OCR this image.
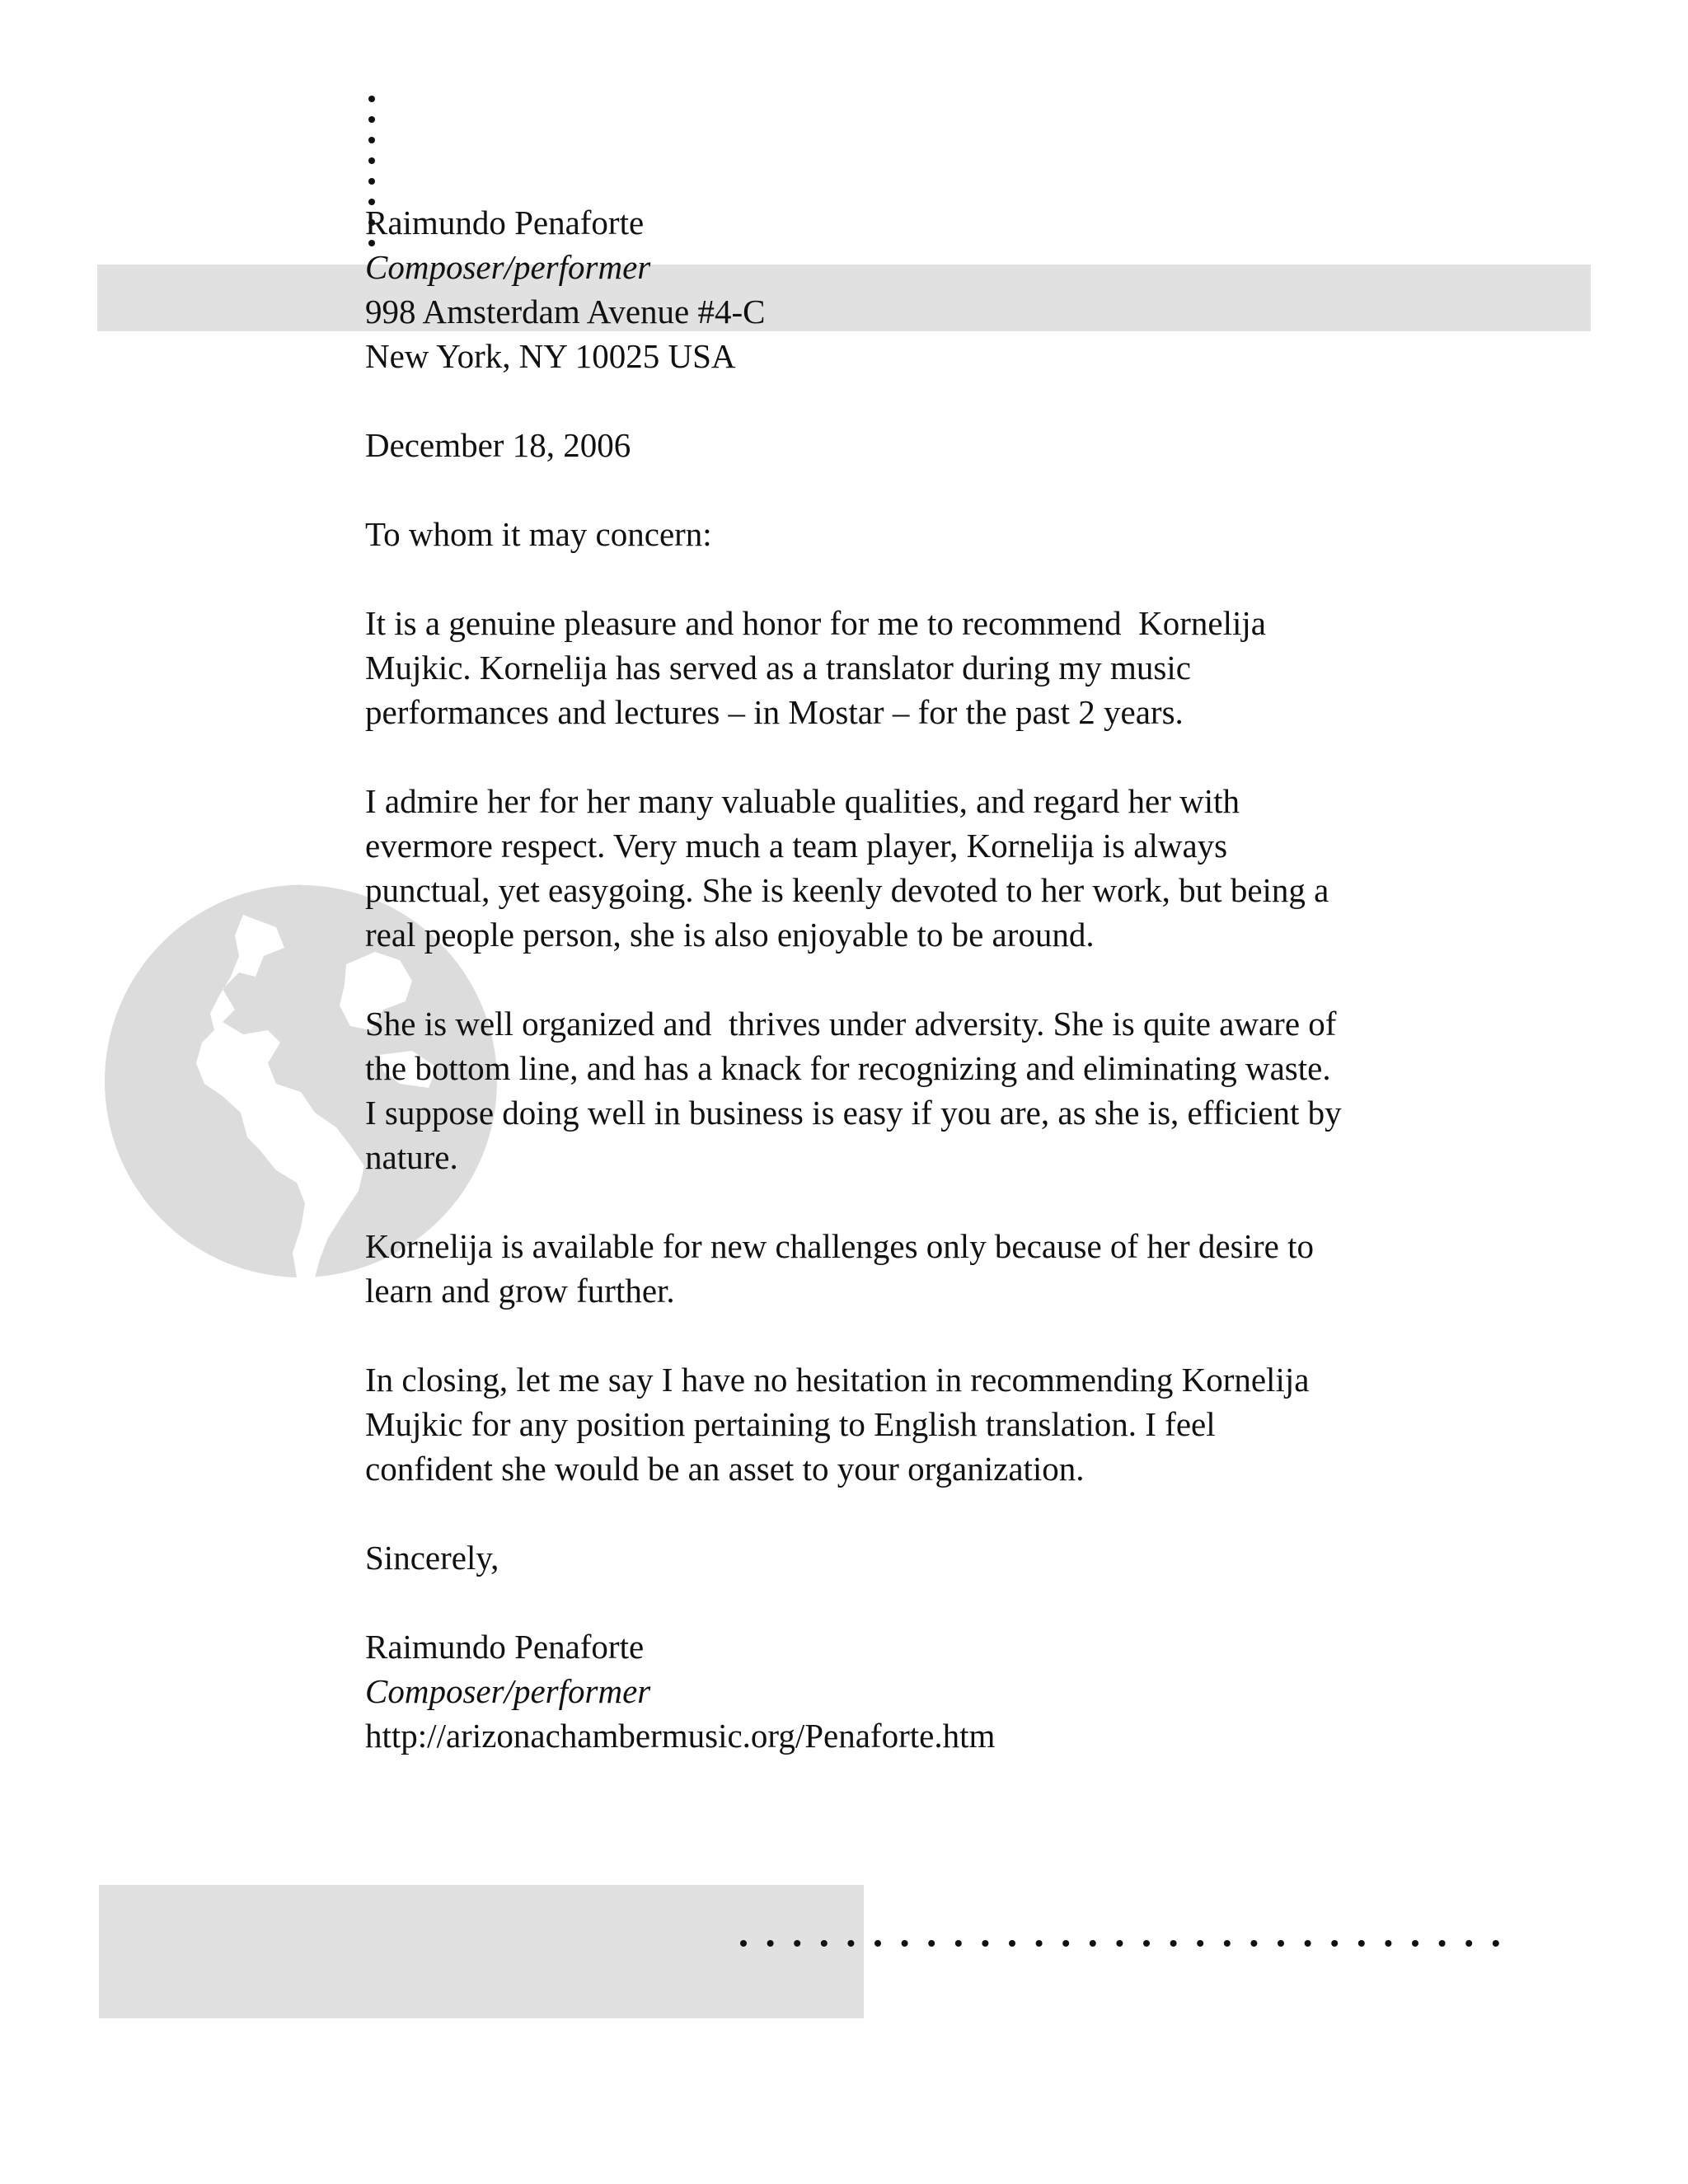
Raimundo Penaforte
Composer/performer
998 Amsterdam Avenue #4-C
New York, NY 10025 USA
December 18, 2006
To whom it may concern:
It is a genuine pleasure and honor for me to recommend  Kornelija
Mujkic. Kornelija has served as a translator during my music
performances and lectures – in Mostar – for the past 2 years.
I admire her for her many valuable qualities, and regard her with
evermore respect. Very much a team player, Kornelija is always
punctual, yet easygoing. She is keenly devoted to her work, but being a
real people person, she is also enjoyable to be around.
She is well organized and  thrives under adversity. She is quite aware of
the bottom line, and has a knack for recognizing and eliminating waste.
I suppose doing well in business is easy if you are, as she is, efficient by
nature.
Kornelija is available for new challenges only because of her desire to
learn and grow further.
In closing, let me say I have no hesitation in recommending Kornelija
Mujkic for any position pertaining to English translation. I feel
confident she would be an asset to your organization.
Sincerely,
Raimundo Penaforte
Composer/performer
http://arizonachambermusic.org/Penaforte.htm
